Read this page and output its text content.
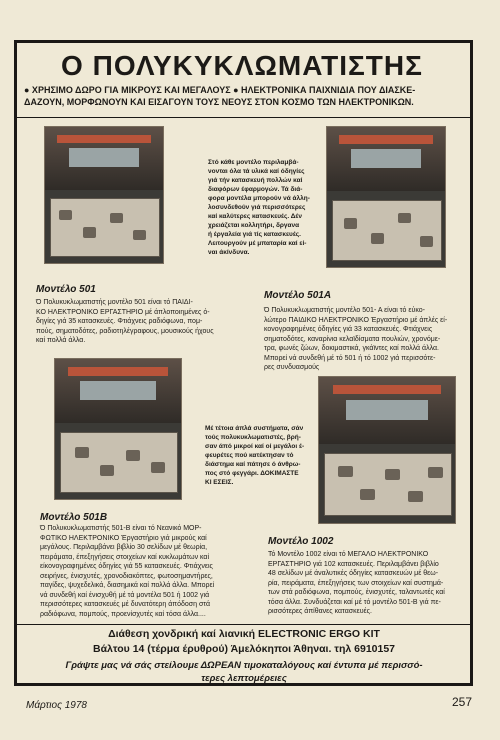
Ο ΠΟΛΥΚΥΚΛΩΜΑΤΙΣΤΗΣ
● ΧΡΗΣΙΜΟ ΔΩΡΟ ΓΙΑ ΜΙΚΡΟΥΣ ΚΑΙ ΜΕΓΑΛΟΥΣ ● ΗΛΕΚΤΡΟΝΙΚΑ ΠΑΙΧΝΙΔΙΑ ΠΟΥ ΔΙΑΣΚΕ-
ΔΑΖΟΥΝ, ΜΟΡΦΩΝΟΥΝ ΚΑΙ ΕΙΣΑΓΟΥΝ ΤΟΥΣ ΝΕΟΥΣ ΣΤΟΝ ΚΟΣΜΟ ΤΩΝ ΗΛΕΚΤΡΟΝΙΚΩΝ.
Στό κάθε μοντέλο περιλαμβά-
νονται όλα τά υλικά καί όδηγίες
γιά τήν κατασκευή πολλών καί
διαφόρων έφαρμογών. Τά διά-
φορα μοντέλα μπορούν νά άλλη-
λοσυνδεθούν γιά περισσότερες
καί καλύτερες κατασκευές. Δέν
χρειάζεται κολλητήρι, δργανα
ή έργαλεία γιά τίς κατασκευές.
Λειτουργούν μέ μπαταρία καί εί-
ναι άκίνδυνα.
Μοντέλο 501
Ό Πολυκυκλωματιστής μοντέλο 501 είναι τό ΠΑΙΔΙ-
ΚΟ ΗΛΕΚΤΡΟΝΙΚΟ ΕΡΓΑΣΤΗΡΙΟ μέ άπλοποιημένες ό-
δηγίες γιά 35 κατασκευές. Φτιάχνεις ραδιόφωνα, πομ-
πούς, σηματοδότες, ραδιοτηλέγραφους, μουσικούς ήχους
καί πολλά άλλα.
Μοντέλο 501Α
Ό Πολυκυκλωματιστής μοντέλο 501- Α είναι τό εύκο-
λώτερο ΠΑΙΔΙΚΟ ΗΛΕΚΤΡΟΝΙΚΟ Έργαστήριο μέ άπλές εί-
κονογραφημένες όδηγίες γιά 33 κατασκευές. Φτιάχνεις
σηματοδότες, καναρίνια κελαϊδίσματα πουλιών, χρονόμε-
τρα, φωνές ζώων, δοκιμαστικά, γκάϊντες καί πολλά άλλα.
Μπορεί νά συνδεθή μέ τό 501 ή τό 1002 γιά περισσότε-
ρες συνδυασμούς
Μέ τέτοια άπλά συστήματα, σάν
τούς πολυκυκλωματιστές, βρή-
σαν άπό μικροί καί οί μεγάλοι έ-
φευρέτες πού κατέκτησαν τό
διάστημα καί πάτησε ό άνθρω-
πος στό φεγγάρι. ΔΟΚΙΜΑΣΤΕ
ΚΙ ΕΣΕΙΣ.
Μοντέλο 501Β
Ό Πολυκυκλωματιστής 501-Β είναι τό Νεανικό ΜΟΡ-
ΦΩΤΙΚΟ ΗΛΕΚΤΡΟΝΙΚΟ Έργαστήριο γιά μικρούς καί
μεγάλους. Περιλαμβάνει βιβλίο 30 σελίδων μέ θεωρία,
πειράματα, έπεξηγήσεις στοιχείων καί κυκλωμάτων καί
είκονογραφημένες όδηγίες γιά 55 κατασκευές. Φτιάχνεις
σειρήνες, ένισχυτές, χρονοδιακόπτες, φωτοσημαντήρες,
παγίδες, ψυχεδελικά, διασημικά καί πολλά άλλα. Μπορεί
νά συνδεθή καί ένισχυθή μέ τά μοντέλα 501 ή 1002 γιά
περισσότερες κατασκευές μέ δυνατότερη άπόδοση στά
ραδιόφωνα, πομπούς, προενίσχυτές καί τόσα άλλα....
Μοντέλο 1002
Τό Μοντέλο 1002 είναι τό ΜΕΓΑΛΟ ΗΛΕΚΤΡΟΝΙΚΟ
ΕΡΓΑΣΤΗΡΙΟ γιά 102 κατασκευές. Περιλαμβάνει βιβλίο
48 σελίδων μέ άναλυτικές όδηγίες κατασκευών μέ θεω-
ρία, πειράματα, έπεξηγήσεις των στοιχείων καί συστημά-
των στά ραδιόφωνα, πομπούς, ένισχυτές, ταλαντωτές καί
τόσα άλλα. Συνδυάζεται καί μέ τό μοντέλο 501-Β γιά πε-
ρισσότερες άπίθανες κατασκευές.
Διάθεση χονδρική καί λιανική ELECTRONIC ERGO KIT
Βάλτου 14 (τέρμα έρυθρού) Άμελόκηποι Άθηναι. τηλ 6910157
Γράψτε μας νά σάς στείλουμε ΔΩΡΕΑΝ τιμοκαταλόγους καί έντυπα μέ περισσό-
τερες λεπτομέρειες
Μάρτιος 1978	257
